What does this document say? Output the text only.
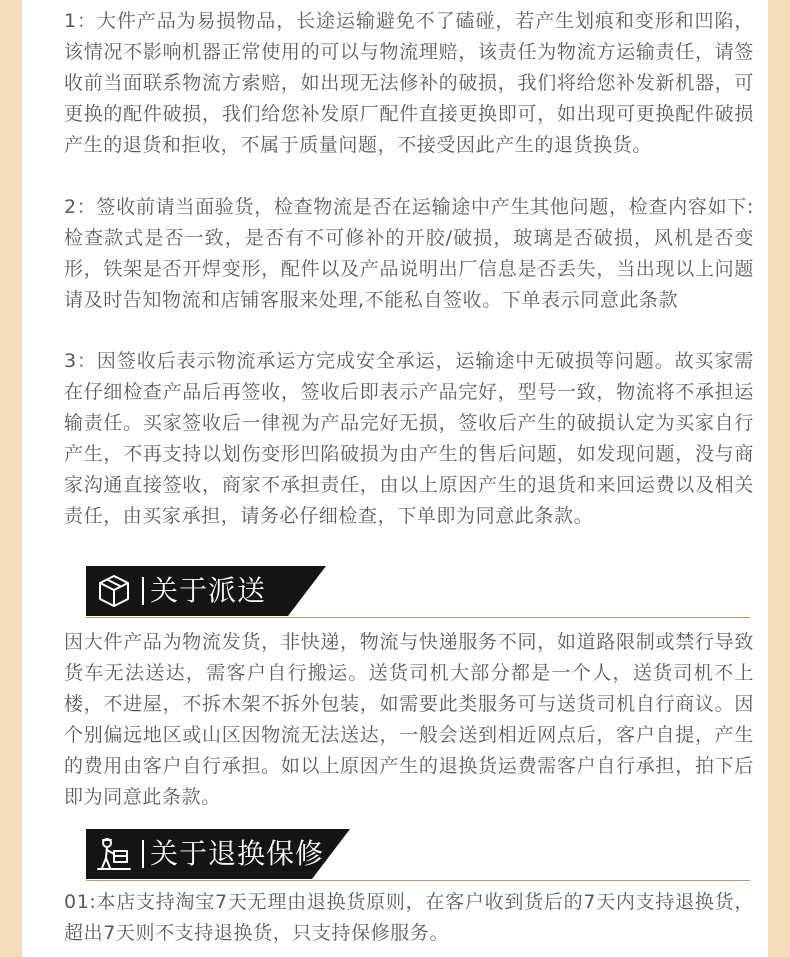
1：大件产品为易损物品，长途运输避免不了磕碰，若产生划痕和变形和凹陷，该情况不影响机器正常使用的可以与物流理赔，该责任为物流方运输责任，请签收前当面联系物流方索赔，如出现无法修补的破损，我们将给您补发新机器，可更换的配件破损，我们给您补发原厂配件直接更换即可，如出现可更换配件破损产生的退货和拒收，不属于质量问题，不接受因此产生的退货换货。

2：签收前请当面验货，检查物流是否在运输途中产生其他问题，检查内容如下:检查款式是否一致，是否有不可修补的开胶/破损，玻璃是否破损，风机是否变形，铁架是否开焊变形，配件以及产品说明出厂信息是否丢失，当出现以上问题请及时告知物流和店铺客服来处理,不能私自签收。下单表示同意此条款

3：因签收后表示物流承运方完成安全承运，运输途中无破损等问题。故买家需在仔细检查产品后再签收，签收后即表示产品完好，型号一致，物流将不承担运输责任。买家签收后一律视为产品完好无损，签收后产生的破损认定为买家自行产生，不再支持以划伤变形凹陷破损为由产生的售后问题，如发现问题，没与商家沟通直接签收，商家不承担责任，由以上原因产生的退货和来回运费以及相关责任，由买家承担，请务必仔细检查，下单即为同意此条款。

关于派送

因大件产品为物流发货，非快递，物流与快递服务不同，如道路限制或禁行导致货车无法送达，需客户自行搬运。送货司机大部分都是一个人，送货司机不上楼，不进屋，不拆木架不拆外包装，如需要此类服务可与送货司机自行商议。因个别偏远地区或山区因物流无法送达，一般会送到相近网点后，客户自提，产生的费用由客户自行承担。如以上原因产生的退换货运费需客户自行承担，拍下后即为同意此条款。

关于退换保修

01:本店支持淘宝7天无理由退换货原则，在客户收到货后的7天内支持退换货，超出7天则不支持退换货，只支持保修服务。
